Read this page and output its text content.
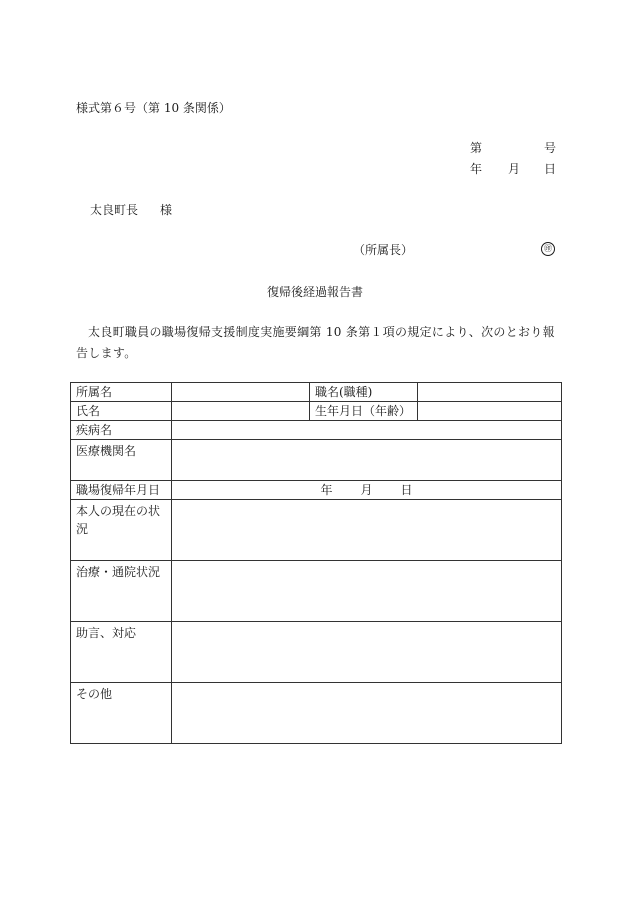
様式第６号（第 10 条関係）
第	号
年 月 日
太良町長 様
（所属長）	㊞
復帰後経過報告書
太良町職員の職場復帰支援制度実施要綱第 10 条第１項の規定により、次のとおり報告します。
所属名		職名(職種)	
氏名		生年月日（年齢）	
疾病名			
医療機関名			
職場復帰年月日	年 月 日		
本人の現在の状況			
治療・通院状況			
助言、対応			
その他			
